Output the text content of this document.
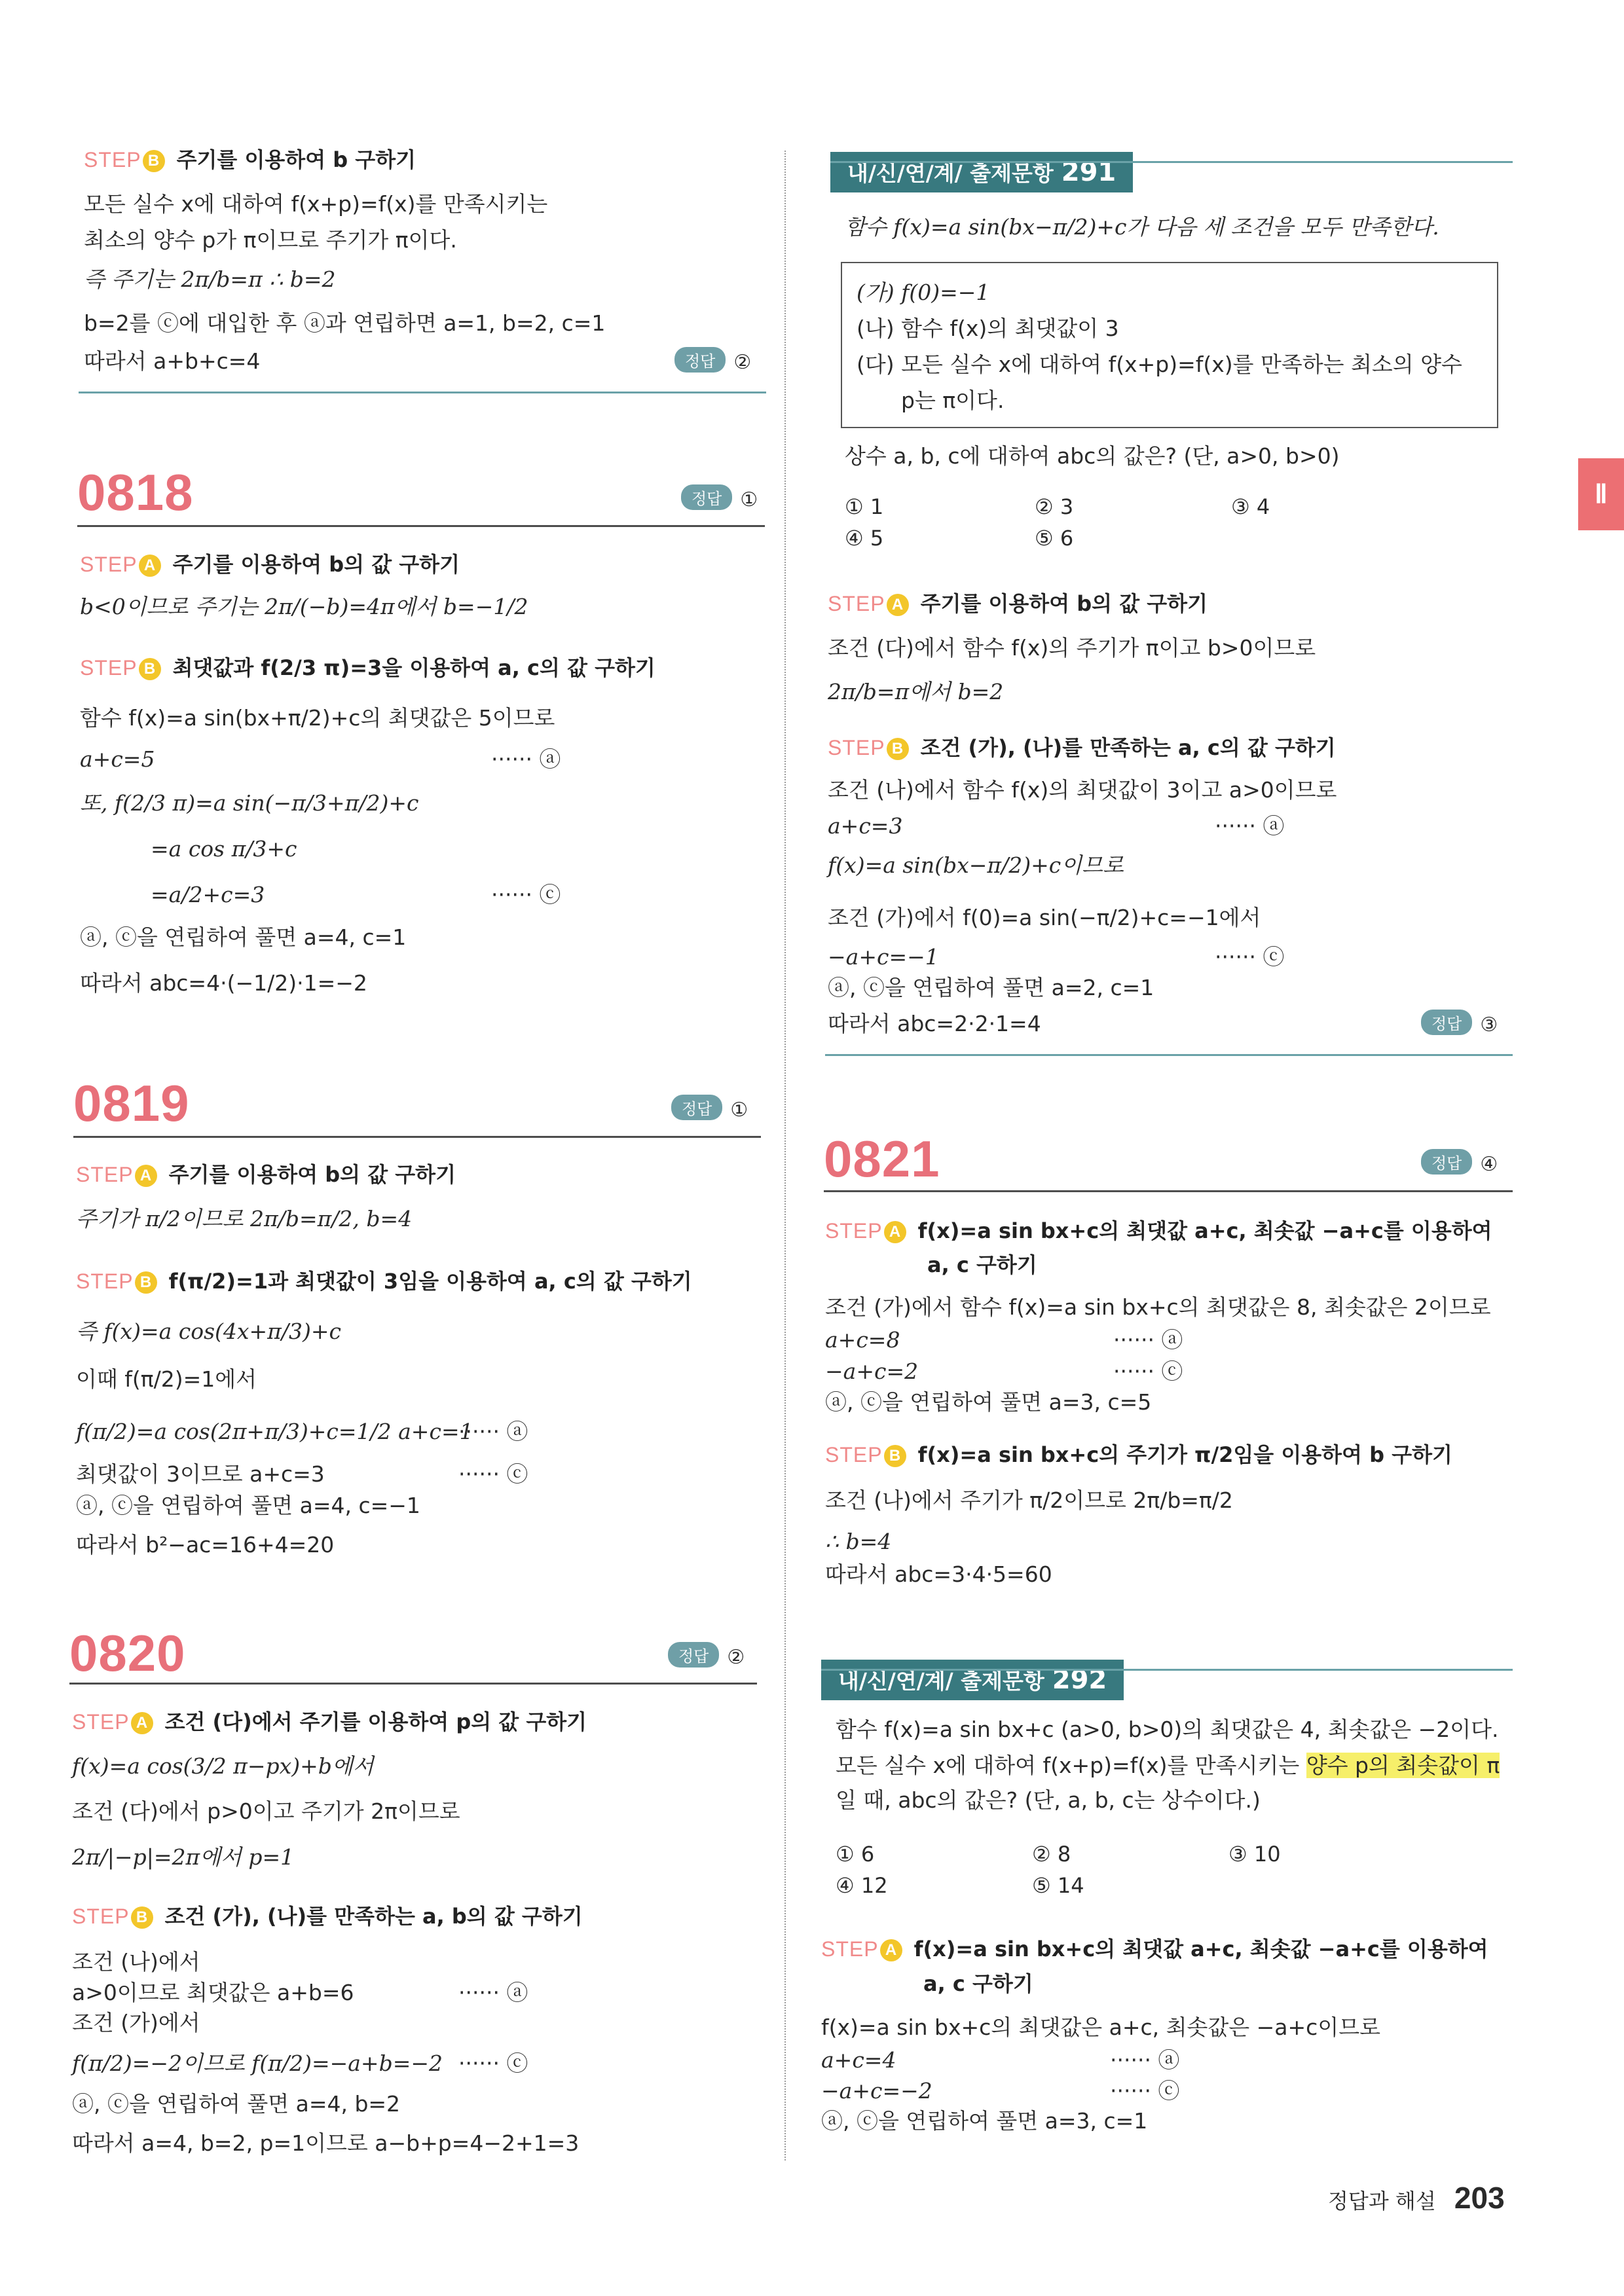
STEP B 주기를 이용하여 b 구하기
모든 실수 x에 대하여 f(x+p)=f(x)를 만족시키는
최소의 양수 p가 π이므로 주기가 π이다.
즉 주기는 2π/b=π ∴ b=2
b=2를 ⓒ에 대입한 후 ⓐ과 연립하면 a=1, b=2, c=1
따라서 a+b+c=4	정답 ②
0818	정답 ①
STEP A 주기를 이용하여 b의 값 구하기
b<0이므로 주기는 2π/(−b)=4π에서 b=−1/2
STEP B 최댓값과 f(2/3 π)=3을 이용하여 a, c의 값 구하기
함수 f(x)=a sin(bx+π/2)+c의 최댓값은 5이므로
a+c=5	······ ⓐ
또, f(2/3 π)=a sin(−π/3+π/2)+c
=a cos π/3+c
=a/2+c=3	······ ⓒ
ⓐ, ⓒ을 연립하여 풀면 a=4, c=1
따라서 abc=4·(−1/2)·1=−2
0819	정답 ①
STEP A 주기를 이용하여 b의 값 구하기
주기가 π/2이므로 2π/b=π/2, b=4
STEP B f(π/2)=1과 최댓값이 3임을 이용하여 a, c의 값 구하기
즉 f(x)=a cos(4x+π/3)+c
이때 f(π/2)=1에서
f(π/2)=a cos(2π+π/3)+c=1/2 a+c=1
······ ⓐ
최댓값이 3이므로 a+c=3	······ ⓒ
ⓐ, ⓒ을 연립하여 풀면 a=4, c=−1
따라서 b²−ac=16+4=20
0820	정답 ②
STEP A 조건 (다)에서 주기를 이용하여 p의 값 구하기
f(x)=a cos(3/2 π−px)+b에서
조건 (다)에서 p>0이고 주기가 2π이므로
2π/|−p|=2π에서 p=1
STEP B 조건 (가), (나)를 만족하는 a, b의 값 구하기
조건 (나)에서
a>0이므로 최댓값은 a+b=6	······ ⓐ
조건 (가)에서
f(π/2)=−2이므로 f(π/2)=−a+b=−2 ······ ⓒ
ⓐ, ⓒ을 연립하여 풀면 a=4, b=2
따라서 a=4, b=2, p=1이므로 a−b+p=4−2+1=3
내/신/연/계/ 출제문항 291
함수 f(x)=a sin(bx−π/2)+c가 다음 세 조건을 모두 만족한다.
(가) f(0)=−1
(나) 함수 f(x)의 최댓값이 3
(다) 모든 실수 x에 대하여 f(x+p)=f(x)를 만족하는 최소의 양수
p는 π이다.
상수 a, b, c에 대하여 abc의 값은? (단, a>0, b>0)
① 1	② 3	③ 4
④ 5	⑤ 6
STEP A 주기를 이용하여 b의 값 구하기
조건 (다)에서 함수 f(x)의 주기가 π이고 b>0이므로
2π/b=π에서 b=2
STEP B 조건 (가), (나)를 만족하는 a, c의 값 구하기
조건 (나)에서 함수 f(x)의 최댓값이 3이고 a>0이므로
a+c=3	······ ⓐ
f(x)=a sin(bx−π/2)+c이므로
조건 (가)에서 f(0)=a sin(−π/2)+c=−1에서
−a+c=−1	······ ⓒ
ⓐ, ⓒ을 연립하여 풀면 a=2, c=1
따라서 abc=2·2·1=4	정답 ③
0821	정답 ④
STEP A f(x)=a sin bx+c의 최댓값 a+c, 최솟값 −a+c를 이용하여
a, c 구하기
조건 (가)에서 함수 f(x)=a sin bx+c의 최댓값은 8, 최솟값은 2이므로
a+c=8	······ ⓐ
−a+c=2	······ ⓒ
ⓐ, ⓒ을 연립하여 풀면 a=3, c=5
STEP B f(x)=a sin bx+c의 주기가 π/2임을 이용하여 b 구하기
조건 (나)에서 주기가 π/2이므로 2π/b=π/2
∴ b=4
따라서 abc=3·4·5=60
내/신/연/계/ 출제문항 292
함수 f(x)=a sin bx+c (a>0, b>0)의 최댓값은 4, 최솟값은 −2이다.
모든 실수 x에 대하여 f(x+p)=f(x)를 만족시키는 양수 p의 최솟값이 π
일 때, abc의 값은? (단, a, b, c는 상수이다.)
① 6	② 8	③ 10
④ 12	⑤ 14
STEP A f(x)=a sin bx+c의 최댓값 a+c, 최솟값 −a+c를 이용하여
a, c 구하기
f(x)=a sin bx+c의 최댓값은 a+c, 최솟값은 −a+c이므로
a+c=4	······ ⓐ
−a+c=−2	······ ⓒ
ⓐ, ⓒ을 연립하여 풀면 a=3, c=1
Ⅱ
정답과 해설 203
